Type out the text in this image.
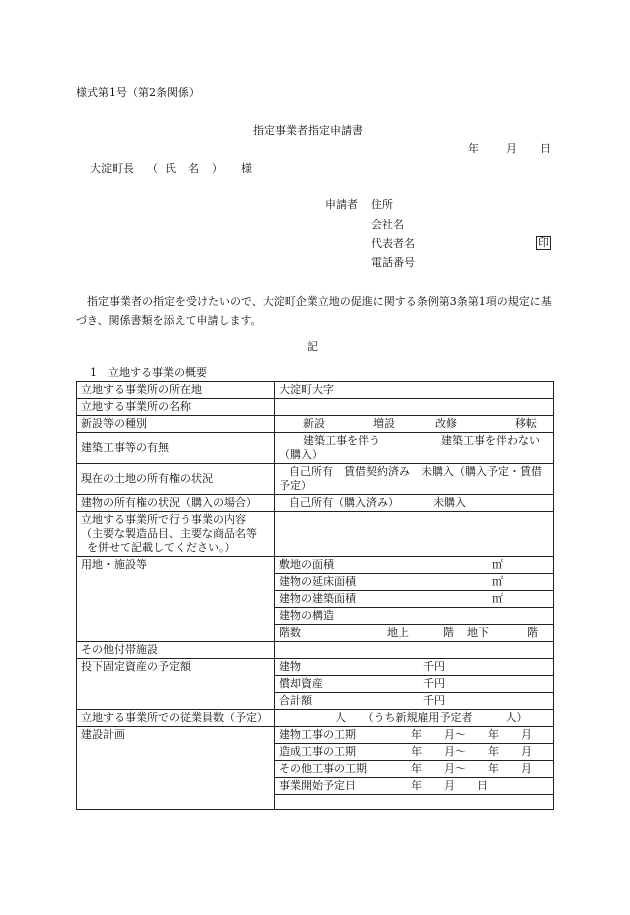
様式第1号（第2条関係）
指定事業者指定申請書
年 月 日
大淀町長 （ 氏 名 ） 様
申請者 住所
会社名
代表者名	印
電話番号
指定事業者の指定を受けたいので、大淀町企業立地の促進に関する条例第3条第1項の規定に基づき、関係書類を添えて申請します。
記
1　立地する事業の概要
立地する事業所の所在地	大淀町大字
立地する事業所の名称	
新設等の種別	新設	増設	改修	移転
建築工事等の有無	建築工事を伴う	建築工事を伴わない
（購入）
現在の土地の所有権の状況	自己所有　賃借契約済み　未購入（購入予定・賃借
予定）
建物の所有権の状況（購入の場合）	自己所有（購入済み）	未購入
立地する事業所で行う事業の内容
（主要な製造品目、主要な商品名等
を併せて記載してください。）	
用地・施設等		敷地の面積	㎡
建物の延床面積	㎡
建物の建築面積	㎡
建物の構造
階数	地上	階 地下	階

その他付帯施設	
投下固定資産の予定額		建物	千円
償却資産	千円
合計額	千円

立地する事業所での従業員数（予定）	人　　（うち新規雇用予定者　　　人）
建設計画		建物工事の工期	年　　月～　　年　　月
造成工事の工期	年　　月～　　年　　月
その他工事の工期	年　　月～　　年　　月
事業開始予定日	年　　月　　日
